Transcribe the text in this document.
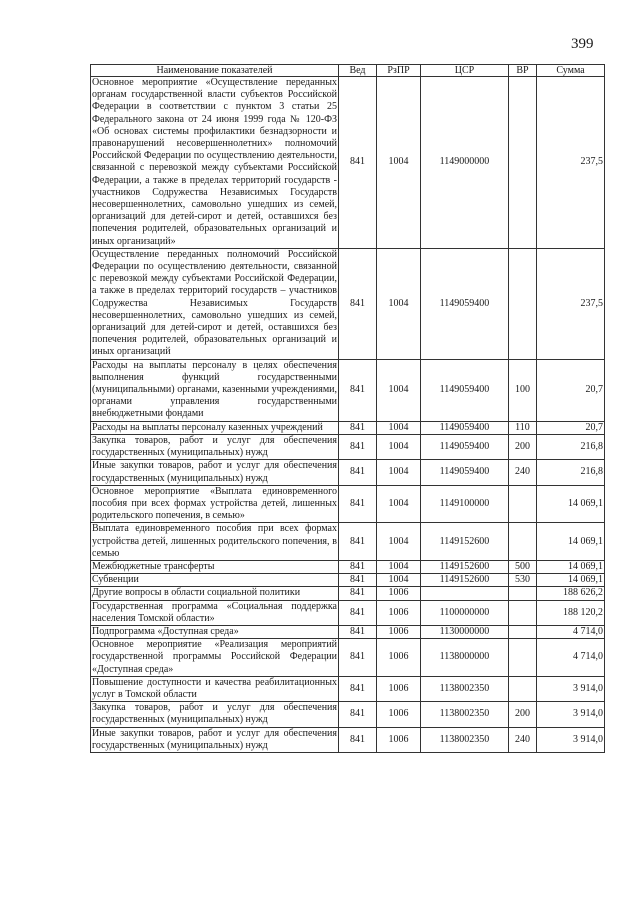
399
Наименование показателей	Вед	РзПР	ЦСР	ВР	Сумма
Основное мероприятие «Осуществление переданных органам государственной власти субъектов Российской Федерации в соответствии с пунктом 3 статьи 25 Федерального закона от 24 июня 1999 года № 120-ФЗ «Об основах системы профилактики безнадзорности и правонарушений несовершеннолетних» полномочий Российской Федерации по осуществлению деятельности, связанной с перевозкой между субъектами Российской Федерации, а также в пределах территорий государств - участников Содружества Независимых Государств несовершеннолетних, самовольно ушедших из семей, организаций для детей-сирот и детей, оставшихся без попечения родителей, образовательных организаций и иных организаций»	841	1004	1149000000		237,5
Осуществление переданных полномочий Российской Федерации по осуществлению деятельности, связанной с перевозкой между субъектами Российской Федерации, а также в пределах территорий государств – участников Содружества Независимых Государств несовершеннолетних, самовольно ушедших из семей, организаций для детей-сирот и детей, оставшихся без попечения родителей, образовательных организаций и иных организаций	841	1004	1149059400		237,5
Расходы на выплаты персоналу в целях обеспечения выполнения функций государственными (муниципальными) органами, казенными учреждениями, органами управления государственными внебюджетными фондами	841	1004	1149059400	100	20,7
Расходы на выплаты персоналу казенных учреждений	841	1004	1149059400	110	20,7
Закупка товаров, работ и услуг для обеспечения государственных (муниципальных) нужд	841	1004	1149059400	200	216,8
Иные закупки товаров, работ и услуг для обеспечения государственных (муниципальных) нужд	841	1004	1149059400	240	216,8
Основное мероприятие «Выплата единовременного пособия при всех формах устройства детей, лишенных родительского попечения, в семью»	841	1004	1149100000		14 069,1
Выплата единовременного пособия при всех формах устройства детей, лишенных родительского попечения, в семью	841	1004	1149152600		14 069,1
Межбюджетные трансферты	841	1004	1149152600	500	14 069,1
Субвенции	841	1004	1149152600	530	14 069,1
Другие вопросы в области социальной политики	841	1006			188 626,2
Государственная программа «Социальная поддержка населения Томской области»	841	1006	1100000000		188 120,2
Подпрограмма «Доступная среда»	841	1006	1130000000		4 714,0
Основное мероприятие «Реализация мероприятий государственной программы Российской Федерации «Доступная среда»	841	1006	1138000000		4 714,0
Повышение доступности и качества реабилитационных услуг в Томской области	841	1006	1138002350		3 914,0
Закупка товаров, работ и услуг для обеспечения государственных (муниципальных) нужд	841	1006	1138002350	200	3 914,0
Иные закупки товаров, работ и услуг для обеспечения государственных (муниципальных) нужд	841	1006	1138002350	240	3 914,0
